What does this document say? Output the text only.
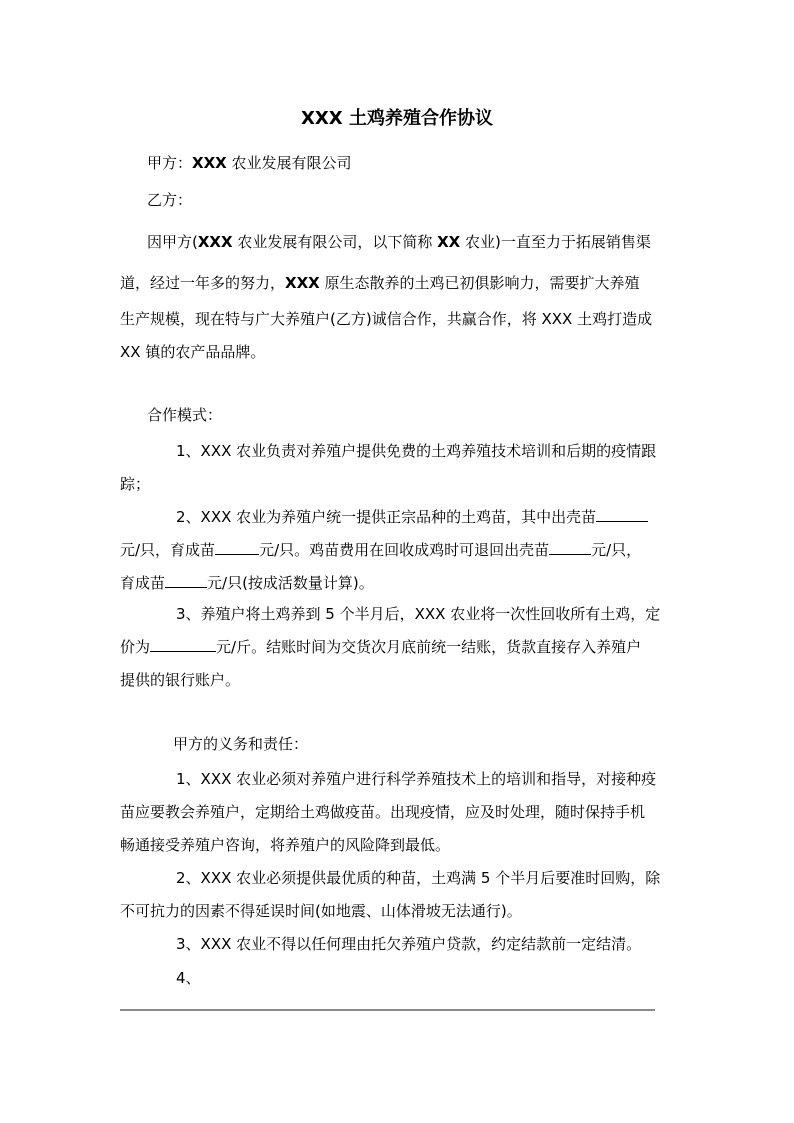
XXX 土鸡养殖合作协议

甲方：XXX 农业发展有限公司

乙方：

因甲方(XXX 农业发展有限公司，以下简称 XX 农业)一直至力于拓展销售渠

道，经过一年多的努力，XXX 原生态散养的土鸡已初俱影响力，需要扩大养殖

生产规模，现在特与广大养殖户(乙方)诚信合作，共赢合作，将 XXX 土鸡打造成

XX 镇的农产品品牌。

合作模式：

1、XXX 农业负责对养殖户提供免费的土鸡养殖技术培训和后期的疫情跟

踪；

2、XXX 农业为养殖户统一提供正宗品种的土鸡苗，其中出壳苗

元/只，育成苗	元/只。鸡苗费用在回收成鸡时可退回出壳苗	元/只，

育成苗	元/只(按成活数量计算)。

3、养殖户将土鸡养到 5 个半月后，XXX 农业将一次性回收所有土鸡，定

价为	元/斤。结账时间为交货次月底前统一结账，货款直接存入养殖户

提供的银行账户。

甲方的义务和责任：

1、XXX 农业必须对养殖户进行科学养殖技术上的培训和指导，对接种疫

苗应要教会养殖户，定期给土鸡做疫苗。出现疫情，应及时处理，随时保持手机

畅通接受养殖户咨询，将养殖户的风险降到最低。

2、XXX 农业必须提供最优质的种苗，土鸡满 5 个半月后要准时回购，除

不可抗力的因素不得延误时间(如地震、山体滑坡无法通行)。

3、XXX 农业不得以任何理由托欠养殖户贷款，约定结款前一定结清。

4、
